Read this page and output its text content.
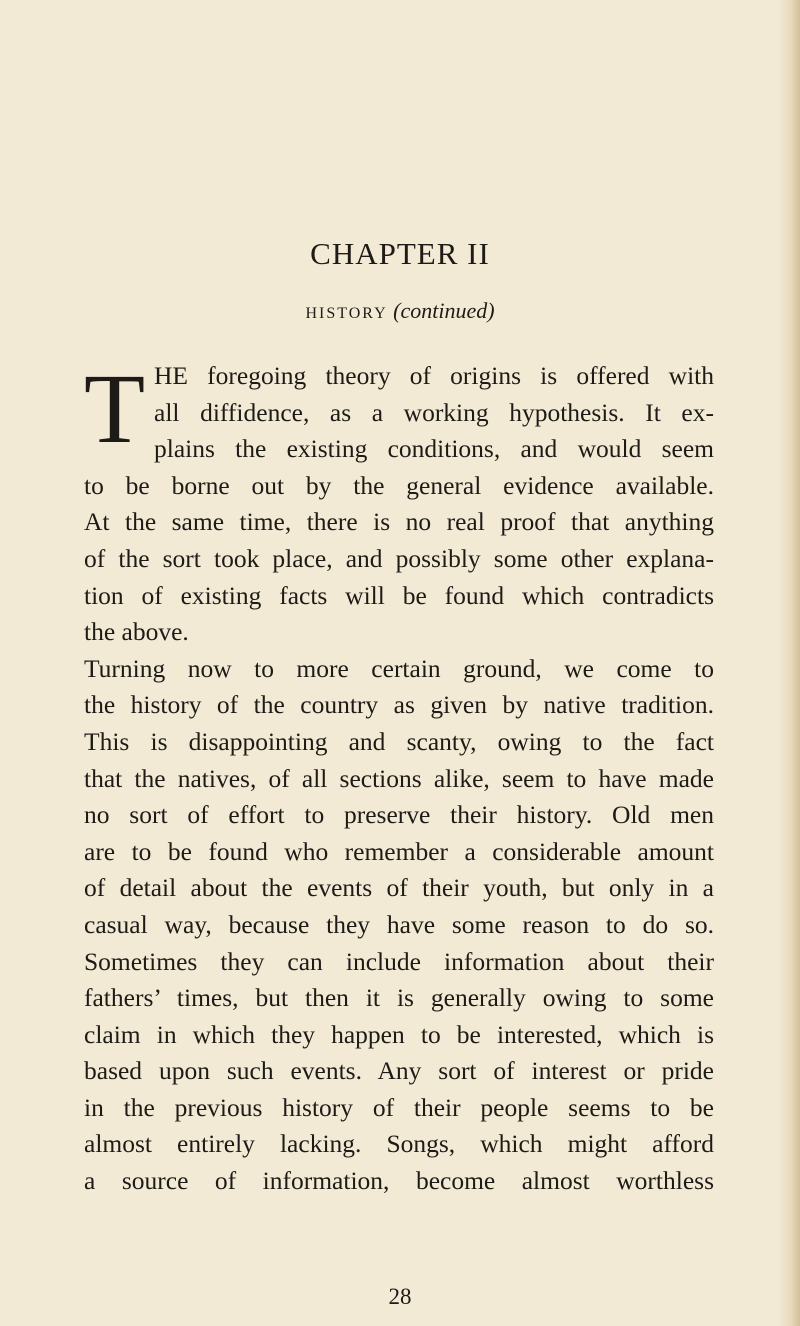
CHAPTER II
HISTORY (continued)
T HE foregoing theory of origins is offered with
all diffidence, as a working hypothesis. It ex-
plains the existing conditions, and would seem
to be borne out by the general evidence available.
At the same time, there is no real proof that anything
of the sort took place, and possibly some other explana-
tion of existing facts will be found which contradicts
the above.
Turning now to more certain ground, we come to
the history of the country as given by native tradition.
This is disappointing and scanty, owing to the fact
that the natives, of all sections alike, seem to have made
no sort of effort to preserve their history. Old men
are to be found who remember a considerable amount
of detail about the events of their youth, but only in a
casual way, because they have some reason to do so.
Sometimes they can include information about their
fathers’ times, but then it is generally owing to some
claim in which they happen to be interested, which is
based upon such events. Any sort of interest or pride
in the previous history of their people seems to be
almost entirely lacking. Songs, which might afford
a source of information, become almost worthless
28
